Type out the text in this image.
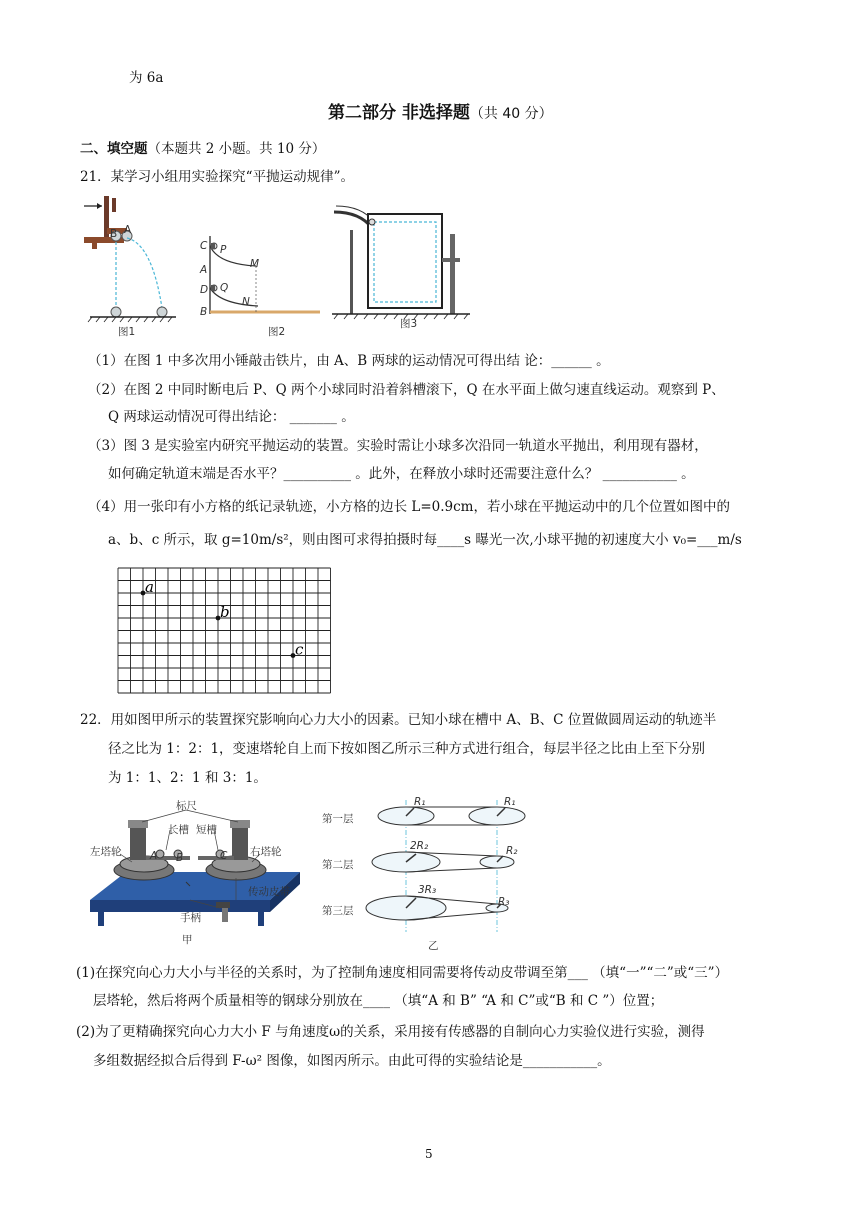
为 6a
第二部分 非选择题（共 40 分）
二、填空题（本题共 2 小题。共 10 分）
21．某学习小组用实验探究“平抛运动规律”。
B A
图1
C P
M
A
D Q
N
B
图2
图3
（1）在图 1 中多次用小锤敲击铁片，由 A、B 两球的运动情况可得出结 论：______ 。
（2）在图 2 中同时断电后 P、Q 两个小球同时沿着斜槽滚下，Q 在水平面上做匀速直线运动。观察到 P、
Q 两球运动情况可得出结论： _______ 。
（3）图 3 是实验室内研究平抛运动的装置。实验时需让小球多次沿同一轨道水平抛出，利用现有器材，
如何确定轨道末端是否水平？__________ 。此外，在释放小球时还需要注意什么？ ___________ 。
（4）用一张印有小方格的纸记录轨迹，小方格的边长 L=0.9cm，若小球在平抛运动中的几个位置如图中的
a、b、c 所示，取 g=10m/s²，则由图可求得拍摄时每____s 曝光一次,小球平抛的初速度大小 v₀=___m/s
a
b
c
22．用如图甲所示的装置探究影响向心力大小的因素。已知小球在槽中 A、B、C 位置做圆周运动的轨迹半
径之比为 1：2：1，变速塔轮自上而下按如图乙所示三种方式进行组合，每层半径之比由上至下分别
为 1：1、2：1 和 3：1。
标尺
长槽 短槽
左塔轮	右塔轮
A B	C
手柄
传动皮带
甲
第一层
第二层
第三层
R₁	R₁
2R₂	R₂
3R₃
R₃
乙
(1)在探究向心力大小与半径的关系时，为了控制角速度相同需要将传动皮带调至第___ （填“一”“二”或“三”）
层塔轮，然后将两个质量相等的钢球分别放在____ （填“A 和 B” “A 和 C”或“B 和 C ”）位置；
(2)为了更精确探究向心力大小 F 与角速度ω的关系，采用接有传感器的自制向心力实验仪进行实验，测得
多组数据经拟合后得到 F-ω² 图像，如图丙所示。由此可得的实验结论是___________。
5
